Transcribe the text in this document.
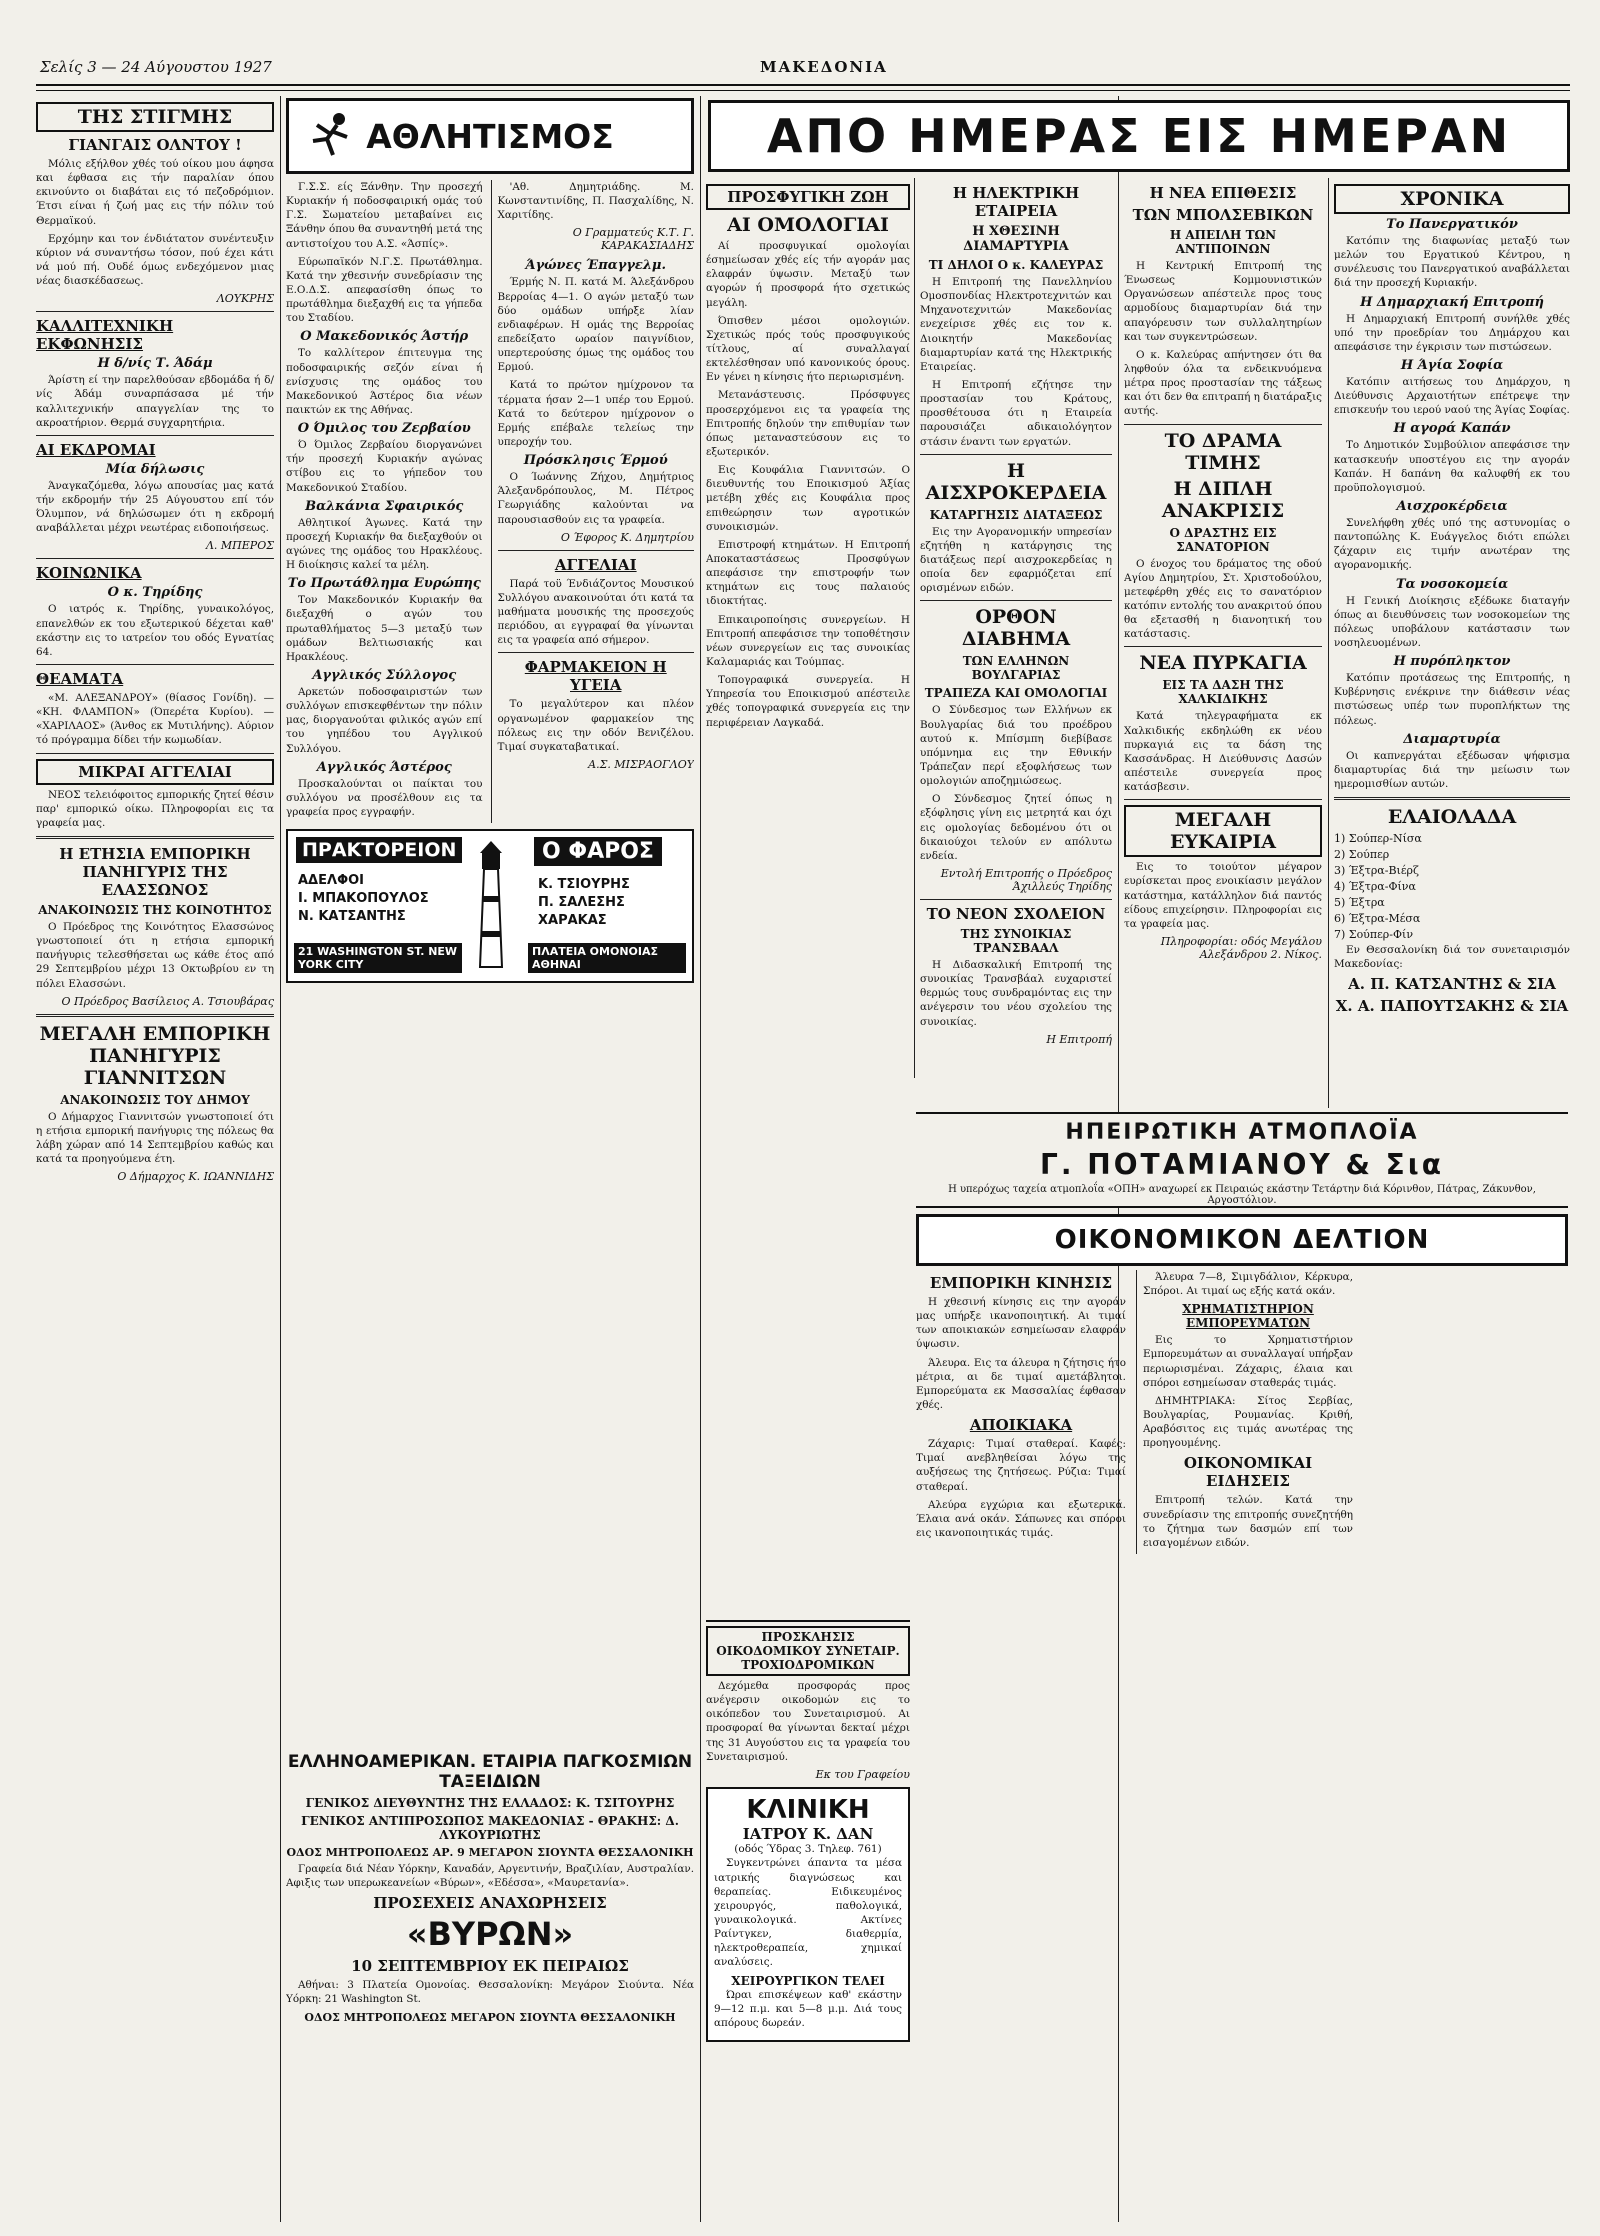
Σελίς 3 — 24 Αύγουστου 1927	ΜΑΚΕΔΟΝΙΑ
ΤΗΣ ΣΤΙΓΜΗΣ
ΓΙΑΝΓΑΙΣ ΟΛΝΤΟΥ !

Μόλις εξήλθον χθές τού οίκου μου άφησα και έφθασα εις τήν παραλίαν όπου εκινούντο οι διαβάται εις τό πεζοδρόμιον. Έτσι είναι ή ζωή μας εις τήν πόλιν τού Θερμαϊκού.

Ερχόμην και τον ένδιάτατον συνέντευξιν κύριον νά συναντήσω τόσον, πού έχει κάτι νά μού πή. Ουδέ όμως ενδεχόμενον μιας νέας διασκέδασεως.

ΛΟΥΚΡΗΣ
ΚΑΛΛΙΤΕΧΝΙΚΗ ΕΚΦΩΝΗΣΙΣ
Η δ/νίς Τ. Άδάμ

Άρίστη εί την παρελθούσαν εβδομάδα ή δ/νίς Άδάμ συναρπάσασα μέ τήν καλλιτεχνικήν απαγγελίαν της το ακροατήριον. Θερμά συγχαρητήρια.

ΑΙ ΕΚΔΡΟΜΑΙ
Μία δήλωσις

Άναγκαζόμεθα, λόγω απουσίας μας κατά τήν εκδρομήν τήν 25 Αύγουστου επί τόν Όλυμπον, νά δηλώσωμεν ότι η εκδρομή αναβάλλεται μέχρι νεωτέρας ειδοποιήσεως.

Λ. ΜΠΕΡΟΣ
ΚΟΙΝΩΝΙΚΑ
Ο κ. Τηρίδης

Ο ιατρός κ. Τηρίδης, γυναικολόγος, επανελθών εκ του εξωτερικού δέχεται καθ' εκάστην εις το ιατρείον του οδός Εγνατίας 64.

ΘΕΑΜΑΤΑ

«Μ. ΑΛΕΞΑΝΔΡΟΥ» (θίασος Γονίδη). — «ΚΗ. ΦΛΑΜΠΟΝ» (Όπερέτα Κυρίου). — «ΧΑΡΙΛΑΟΣ» (Άνθος εκ Μυτιλήνης). Αύριον τό πρόγραμμα δίδει τήν κωμωδίαν.

ΜΙΚΡΑΙ ΑΓΓΕΛΙΑΙ

ΝΕΟΣ τελειόφοιτος εμπορικής ζητεί θέσιν παρ' εμπορικώ οίκω. Πληροφορίαι εις τα γραφεία μας.

Η ΕΤΗΣΙΑ ΕΜΠΟΡΙΚΗ ΠΑΝΗΓΥΡΙΣ ΤΗΣ ΕΛΑΣΣΩΝΟΣ
ΑΝΑΚΟΙΝΩΣΙΣ ΤΗΣ ΚΟΙΝΟΤΗΤΟΣ

Ο Πρόεδρος της Κοινότητος Ελασσώνος γνωστοποιεί ότι η ετήσια εμπορική πανήγυρις τελεσθήσεται ως κάθε έτος από 29 Σεπτεμβρίου μέχρι 13 Οκτωβρίου εν τη πόλει Ελασσώνι.

Ο Πρόεδρος Βασίλειος Α. Τσιουβάρας
ΜΕΓΑΛΗ ΕΜΠΟΡΙΚΗ ΠΑΝΗΓΥΡΙΣ ΓΙΑΝΝΙΤΣΩΝ
ΑΝΑΚΟΙΝΩΣΙΣ ΤΟΥ ΔΗΜΟΥ

Ο Δήμαρχος Γιαννιτσών γνωστοποιεί ότι η ετήσια εμπορική πανήγυρις της πόλεως θα λάβη χώραν από 14 Σεπτεμβρίου καθώς και κατά τα προηγούμενα έτη.

Ο Δήμαρχος Κ. ΙΩΑΝΝΙΔΗΣ
ΑΘΛΗΤΙΣΜΟΣ

Γ.Σ.Σ. είς Ξάνθην. Την προσεχή Κυριακήν ή ποδοσφαιρική ομάς τού Γ.Σ. Σωματείου μεταβαίνει εις Ξάνθην όπου θα συναντηθή μετά της αντιστοίχου του Α.Σ. «Άσπίς».

Εύρωπαϊκόν Ν.Γ.Σ. Πρωτάθλημα. Κατά την χθεσινήν συνεδρίασιν της Ε.Ο.Δ.Σ. απεφασίσθη όπως το πρωτάθλημα διεξαχθή εις τα γήπεδα του Σταδίου.

Ο Μακεδονικός Άστήρ

Το καλλίτερον έπιτευγμα της ποδοσφαιρικής σεζόν είναι ή ενίσχυσις της ομάδος του Μακεδονικού Άστέρος δια νέων παικτών εκ της Αθήνας.

Ο Όμιλος του Ζερβαίου

Ό Όμιλος Ζερβαίου διοργανώνει τήν προσεχή Κυριακήν αγώνας στίβου εις το γήπεδον του Μακεδονικού Σταδίου.

Βαλκάνια Σφαιρικός

Αθλητικοί Άγωνες. Κατά την προσεχή Κυριακήν θα διεξαχθούν οι αγώνες της ομάδος του Ηρακλέους. Η διοίκησις καλεί τα μέλη.

Το Πρωτάθλημα Ευρώπης

Τον Μακεδονικόν Κυριακήν θα διεξαχθή ο αγών του πρωταθλήματος 5—3 μεταξύ των ομάδων Βελτιωσιακής και Ηρακλέους.

Αγγλικός Σύλλογος

Αρκετών ποδοσφαιριστών των συλλόγων επισκεφθέντων την πόλιν μας, διοργανούται φιλικός αγών επί του γηπέδου του Αγγλικού Συλλόγου.

Αγγλικός Άστέρος

Προσκαλούνται οι παίκται του συλλόγου να προσέλθουν εις τα γραφεία προς εγγραφήν.

'Αθ. Δημητριάδης. Μ. Κωνσταντινίδης, Π. Πασχαλίδης, Ν. Χαριτίδης.

Ο Γραμματεύς Κ.Τ. Γ. ΚΑΡΑΚΑΣΙΑΔΗΣ
Άγώνες Έπαγγελμ.

Έρμής Ν. Π. κατά Μ. Άλεξάνδρου Βερροίας 4—1. Ο αγών μεταξύ των δύο ομάδων υπήρξε λίαν ενδιαφέρων. Η ομάς της Βερροίας επεδείξατο ωραίον παιγνίδιον, υπερτερούσης όμως της ομάδος του Ερμού.

Κατά το πρώτον ημίχρονον τα τέρματα ήσαν 2—1 υπέρ του Ερμού. Κατά το δεύτερον ημίχρονον ο Ερμής επέβαλε τελείως την υπεροχήν του.

Πρόσκλησις Έρμού

Ο Ίωάννης Ζήχου, Δημήτριος Άλεξανδρόπουλος, Μ. Πέτρος Γεωργιάδης καλούνται να παρουσιασθούν εις τα γραφεία.

Ο Έφορος Κ. Δημητρίου
ΑΓΓΕΛΙΑΙ

Παρά τοϋ Ένδιάζοντος Μουσικού Συλλόγου ανακοινούται ότι κατά τα μαθήματα μουσικής της προσεχούς περιόδου, αι εγγραφαί θα γίνωνται εις τα γραφεία από σήμερον.

ΦΑΡΜΑΚΕΙΟΝ Η ΥΓΕΙΑ

Το μεγαλύτερον και πλέον οργανωμένον φαρμακείον της πόλεως εις την οδόν Βενιζέλου. Τιμαί συγκαταβατικαί.

Α.Σ. ΜΙΣΡΑΟΓΛΟΥ
ΠΡΑΚΤΟΡΕΙΟΝ	Ο ΦΑΡΟΣ
ΑΔΕΛΦΟΙ
Ι. ΜΠΑΚΟΠΟΥΛΟΣ
Ν. ΚΑΤΣΑΝΤΗΣ
Κ. ΤΣΙΟΥΡΗΣ
Π. ΣΑΛΕΣΗΣ
ΧΑΡΑΚΑΣ
21 WASHINGTON ST. NEW YORK CITY
ΠΛΑΤΕΙΑ ΟΜΟΝΟΙΑΣ ΑΘΗΝΑΙ
ΑΠΟ ΗΜΕΡΑΣ ΕΙΣ ΗΜΕΡΑΝ
ΠΡΟΣΦΥΓΙΚΗ ΖΩΗ
ΑΙ ΟΜΟΛΟΓΙΑΙ

Αί προσφυγικαί ομολογίαι έσημείωσαν χθές είς τήν αγοράν μας ελαφράν ύψωσιν. Μεταξύ των αγορών ή προσφορά ήτο σχετικώς μεγάλη.

Όπισθεν μέσοι ομολογιών. Σχετικώς πρός τούς προσφυγικούς τίτλους, αί συναλλαγαί εκτελέσθησαν υπό κανονικούς όρους. Εν γένει η κίνησις ήτο περιωρισμένη.

Μετανάστευσις. Πρόσφυγες προσερχόμενοι εις τα γραφεία της Επιτροπής δηλούν την επιθυμίαν των όπως μεταναστεύσουν εις το εξωτερικόν.

Εις Κουφάλια Γιαννιτσών. Ο διευθυντής του Εποικισμού Άξίας μετέβη χθές εις Κουφάλια προς επιθεώρησιν των αγροτικών συνοικισμών.

Επιστροφή κτημάτων. Η Επιτροπή Αποκαταστάσεως Προσφύγων απεφάσισε την επιστροφήν των κτημάτων εις τους παλαιούς ιδιοκτήτας.

Επικαιροποίησις συνεργείων. Η Επιτροπή απεφάσισε την τοποθέτησιν νέων συνεργείων εις τας συνοικίας Καλαμαριάς και Τούμπας.

Τοπογραφικά συνεργεία. Η Υπηρεσία του Εποικισμού απέστειλε χθές τοπογραφικά συνεργεία εις την περιφέρειαν Λαγκαδά.

Η ΗΛΕΚΤΡΙΚΗ ΕΤΑΙΡΕΙΑ
Η ΧΘΕΣΙΝΗ ΔΙΑΜΑΡΤΥΡΙΑ
ΤΙ ΔΗΛΟΙ Ο κ. ΚΑΛΕΥΡΑΣ

Η Επιτροπή της Πανελληνίου Ομοσπονδίας Ηλεκτροτεχνιτών και Μηχανοτεχνιτών Μακεδονίας ενεχείρισε χθές εις τον κ. Διοικητήν Μακεδονίας διαμαρτυρίαν κατά της Ηλεκτρικής Εταιρείας.

Η Επιτροπή εζήτησε την προστασίαν του Κράτους, προσθέτουσα ότι η Εταιρεία παρουσιάζει αδικαιολόγητον στάσιν έναντι των εργατών.

Η ΑΙΣΧΡΟΚΕΡΔΕΙΑ
ΚΑΤΑΡΓΗΣΙΣ ΔΙΑΤΑΞΕΩΣ

Εις την Αγορανομικήν υπηρεσίαν εζητήθη η κατάργησις της διατάξεως περί αισχροκερδείας η οποία δεν εφαρμόζεται επί ορισμένων ειδών.

ΟΡΘΟΝ ΔΙΑΒΗΜΑ
ΤΩΝ ΕΛΛΗΝΩΝ ΒΟΥΛΓΑΡΙΑΣ
ΤΡΑΠΕΖΑ ΚΑΙ ΟΜΟΛΟΓΙΑΙ

Ο Σύνδεσμος των Ελλήνων εκ Βουλγαρίας διά του προέδρου αυτού κ. Μπίσμπη διεβίβασε υπόμνημα εις την Εθνικήν Τράπεζαν περί εξοφλήσεως των ομολογιών αποζημιώσεως.

Ο Σύνδεσμος ζητεί όπως η εξόφλησις γίνη εις μετρητά και όχι εις ομολογίας δεδομένου ότι οι δικαιούχοι τελούν εν απόλυτω ενδεία.

Εντολή Επιτροπής ο Πρόεδρος Άχιλλεύς Τηρίδης
ΤΟ ΝΕΟΝ ΣΧΟΛΕΙΟΝ
ΤΗΣ ΣΥΝΟΙΚΙΑΣ ΤΡΑΝΣΒΑΑΛ

Η Διδασκαλική Επιτροπή της συνοικίας Τρανσβάαλ ευχαριστεί θερμώς τους συνδραμόντας εις την ανέγερσιν του νέου σχολείου της συνοικίας.

Η Επιτροπή
Η ΝΕΑ ΕΠΙΘΕΣΙΣ
ΤΩΝ ΜΠΟΛΣΕΒΙΚΩΝ
Η ΑΠΕΙΛΗ ΤΩΝ ΑΝΤΙΠΟΙΝΩΝ

Η Κεντρική Επιτροπή της Ένωσεως Κομμουνιστικών Οργανώσεων απέστειλε προς τους αρμοδίους διαμαρτυρίαν διά την απαγόρευσιν των συλλαλητηρίων και των συγκεντρώσεων.

Ο κ. Καλεύρας απήντησεν ότι θα ληφθούν όλα τα ενδεικνυόμενα μέτρα προς προστασίαν της τάξεως και ότι δεν θα επιτραπή η διατάραξις αυτής.

ΤΟ ΔΡΑΜΑ ΤΙΜΗΣ
Η ΔΙΠΛΗ ΑΝΑΚΡΙΣΙΣ
Ο ΔΡΑΣΤΗΣ ΕΙΣ ΣΑΝΑΤΟΡΙΟΝ

Ο ένοχος του δράματος της οδού Αγίου Δημητρίου, Στ. Χριστοδούλου, μετεφέρθη χθές εις το σανατόριον κατόπιν εντολής του ανακριτού όπου θα εξετασθή η διανοητική του κατάστασις.

ΝΕΑ ΠΥΡΚΑΓΙΑ
ΕΙΣ ΤΑ ΔΑΣΗ ΤΗΣ ΧΑΛΚΙΔΙΚΗΣ

Κατά τηλεγραφήματα εκ Χαλκιδικής εκδηλώθη εκ νέου πυρκαγιά εις τα δάση της Κασσάνδρας. Η Διεύθυνσις Δασών απέστειλε συνεργεία προς κατάσβεσιν.

ΜΕΓΑΛΗ ΕΥΚΑΙΡΙΑ

Εις το τοιούτον μέγαρον ευρίσκεται προς ενοικίασιν μεγάλον κατάστημα, κατάλληλον διά παντός είδους επιχείρησιν. Πληροφορίαι εις τα γραφεία μας.

Πληροφορίαι: οδός Μεγάλου Αλεξάνδρου 2. Νίκος.
ΧΡΟΝΙΚΑ
Το Πανεργατικόν

Κατόπιν της διαφωνίας μεταξύ των μελών του Εργατικού Κέντρου, η συνέλευσις του Πανεργατικού αναβάλλεται διά την προσεχή Κυριακήν.

Η Δημαρχιακή Επιτροπή

Η Δημαρχιακή Επιτροπή συνήλθε χθές υπό την προεδρίαν του Δημάρχου και απεφάσισε την έγκρισιν των πιστώσεων.

Η Άγία Σοφία

Κατόπιν αιτήσεως του Δημάρχου, η Διεύθυνσις Αρχαιοτήτων επέτρεψε την επισκευήν του ιερού ναού της Άγίας Σοφίας.

Η αγορά Καπάν

Το Δημοτικόν Συμβούλιον απεφάσισε την κατασκευήν υποστέγου εις την αγοράν Καπάν. Η δαπάνη θα καλυφθή εκ του προϋπολογισμού.

Αισχροκέρδεια

Συνελήφθη χθές υπό της αστυνομίας ο παντοπώλης Κ. Ευάγγελος διότι επώλει ζάχαριν εις τιμήν ανωτέραν της αγορανομικής.

Τα νοσοκομεία

Η Γενική Διοίκησις εξέδωκε διαταγήν όπως αι διευθύνσεις των νοσοκομείων της πόλεως υποβάλουν κατάστασιν των νοσηλευομένων.

Η πυρόπληκτον

Κατόπιν προτάσεως της Επιτροπής, η Κυβέρνησις ενέκρινε την διάθεσιν νέας πιστώσεως υπέρ των πυροπλήκτων της πόλεως.

Διαμαρτυρία

Οι καπνεργάται εξέδωσαν ψήφισμα διαμαρτυρίας διά την μείωσιν των ημερομισθίων αυτών.

ΕΛΑΙΟΛΑΔΑ
1) Σούπερ-Νίσα
2) Σούπερ
3) Έξτρα-Βιέρζ
4) Έξτρα-Φίνα
5) Έξτρα
6) Έξτρα-Μέσα
7) Σούπερ-Φίν

Εν Θεσσαλονίκη διά τον συνεταιρισμόν Μακεδονίας:

Α. Π. ΚΑΤΣΑΝΤΗΣ & ΣΙΑ
Χ. Α. ΠΑΠΟΥΤΣΑΚΗΣ & ΣΙΑ
ΗΠΕΙΡΩΤΙΚΗ ΑΤΜΟΠΛΟΪΑ
Γ. ΠΟΤΑΜΙΑΝΟΥ & Σια
Η υπερόχως ταχεία ατμοπλοΐα «ΟΠΗ» αναχωρεί εκ Πειραιώς εκάστην Τετάρτην διά Κόρινθον, Πάτρας, Ζάκυνθον, Αργοστόλιον.
ΟΙΚΟΝΟΜΙΚΟΝ ΔΕΛΤΙΟΝ
ΕΜΠΟΡΙΚΗ ΚΙΝΗΣΙΣ

Η χθεσινή κίνησις εις την αγοράν μας υπήρξε ικανοποιητική. Αι τιμαί των αποικιακών εσημείωσαν ελαφράν ύψωσιν.

Άλευρα. Εις τα άλευρα η ζήτησις ήτο μέτρια, αι δε τιμαί αμετάβλητοι. Εμπορεύματα εκ Μασσαλίας έφθασαν χθές.

ΑΠΟΙΚΙΑΚΑ

Ζάχαρις: Τιμαί σταθεραί. Καφές: Τιμαί ανεβληθείσαι λόγω της αυξήσεως της ζητήσεως. Ρύζια: Τιμαί σταθεραί.

Αλεύρα εγχώρια και εξωτερικά. Έλαια ανά οκάν. Σάπωνες και σπόροι εις ικανοποιητικάς τιμάς.

Άλευρα 7—8, Σιμιγδάλιον, Κέρκυρα, Σπόροι. Αι τιμαί ως εξής κατά οκάν.

ΧΡΗΜΑΤΙΣΤΗΡΙΟΝ ΕΜΠΟΡΕΥΜΑΤΩΝ

Εις το Χρηματιστήριον Εμπορευμάτων αι συναλλαγαί υπήρξαν περιωρισμέναι. Ζάχαρις, έλαια και σπόροι εσημείωσαν σταθεράς τιμάς.

ΔΗΜΗΤΡΙΑΚΑ: Σίτος Σερβίας, Βουλγαρίας, Ρουμανίας. Κριθή, Αραβόσιτος εις τιμάς ανωτέρας της προηγουμένης.

ΟΙΚΟΝΟΜΙΚΑΙ ΕΙΔΗΣΕΙΣ

Επιτροπή τελών. Κατά την συνεδρίασιν της επιτροπής συνεζητήθη το ζήτημα των δασμών επί των εισαγομένων ειδών.

ΕΛΛΗΝΟΑΜΕΡΙΚΑΝ. ΕΤΑΙΡΙΑ ΠΑΓΚΟΣΜΙΩΝ ΤΑΞΕΙΔΙΩΝ
ΓΕΝΙΚΟΣ ΔΙΕΥΘΥΝΤΗΣ ΤΗΣ ΕΛΛΑΔΟΣ: Κ. ΤΣΙΤΟΥΡΗΣ
ΓΕΝΙΚΟΣ ΑΝΤΙΠΡΟΣΩΠΟΣ ΜΑΚΕΔΟΝΙΑΣ - ΘΡΑΚΗΣ: Δ. ΛΥΚΟΥΡΙΩΤΗΣ
ΟΔΟΣ ΜΗΤΡΟΠΟΛΕΩΣ ΑΡ. 9 ΜΕΓΑΡΟΝ ΣΙΟΥΝΤΑ ΘΕΣΣΑΛΟΝΙΚΗ

Γραφεία διά Νέαν Υόρκην, Καναδάν, Αργεντινήν, Βραζιλίαν, Αυστραλίαν. Αφιξις των υπερωκεανείων «Βύρων», «Εδέσσα», «Μαυρετανία».

ΠΡΟΣΕΧΕΙΣ ΑΝΑΧΩΡΗΣΕΙΣ
«ΒΥΡΩΝ»
10 ΣΕΠΤΕΜΒΡΙΟΥ ΕΚ ΠΕΙΡΑΙΩΣ

Αθήναι: 3 Πλατεία Ομονοίας. Θεσσαλονίκη: Μεγάρον Σιούντα. Νέα Υόρκη: 21 Washington St.

ΟΔΟΣ ΜΗΤΡΟΠΟΛΕΩΣ ΜΕΓΑΡΟΝ ΣΙΟΥΝΤΑ ΘΕΣΣΑΛΟΝΙΚΗ
ΠΡΟΣΚΛΗΣΙΣ ΟΙΚΟΔΟΜΙΚΟΥ ΣΥΝΕΤΑΙΡ. ΤΡΟΧΙΟΔΡΟΜΙΚΩΝ

Δεχόμεθα προσφοράς προς ανέγερσιν οικοδομών εις το οικόπεδον του Συνεταιρισμού. Αι προσφοραί θα γίνωνται δεκταί μέχρι της 31 Αυγούστου εις τα γραφεία του Συνεταιρισμού.

Εκ του Γραφείου
ΚΛΙΝΙΚΗ
ΙΑΤΡΟΥ Κ. ΔΑΝ
(οδός Ύδρας 3. Τηλεφ. 761)

Συγκεντρώνει άπαντα τα μέσα ιατρικής διαγνώσεως και θεραπείας. Ειδικευμένος χειρουργός, παθολογικά, γυναικολογικά. Ακτίνες Ραίντγκεν, διαθερμία, ηλεκτροθεραπεία, χημικαί αναλύσεις.

ΧΕΙΡΟΥΡΓΙΚΟΝ ΤΕΛΕΙ

Ώραι επισκέψεων καθ' εκάστην 9—12 π.μ. και 5—8 μ.μ. Διά τους απόρους δωρεάν.
